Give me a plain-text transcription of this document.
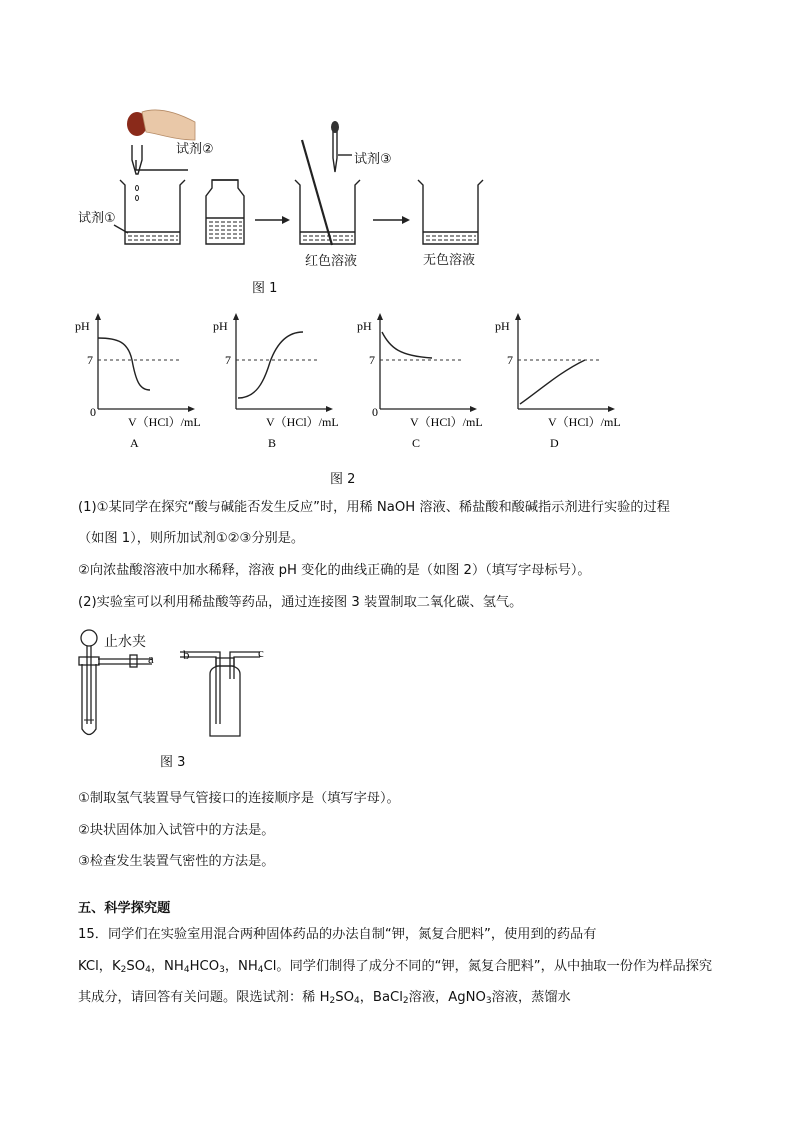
试剂②
试剂①
试剂③
红色溶液	无色溶液
图 1
pH
7
0
V（HCl）/mL
A
pH
7
V（HCl）/mL
B
pH
7
0
V（HCl）/mL
C
pH
7
V（HCl）/mL
D
图 2
(1)①某同学在探究“酸与碱能否发生反应”时，用稀 NaOH 溶液、稀盐酸和酸碱指示剂进行实验的过程
（如图 1），则所加试剂①②③分别是。
②向浓盐酸溶液中加水稀释，溶液 pH 变化的曲线正确的是（如图 2）（填写字母标号）。
(2)实验室可以利用稀盐酸等药品，通过连接图 3 装置制取二氧化碳、氢气。
止水夹
a b	c
图 3
①制取氢气装置导气管接口的连接顺序是（填写字母）。
②块状固体加入试管中的方法是。
③检查发生装置气密性的方法是。
五、科学探究题
15．同学们在实验室用混合两种固体药品的办法自制“钾，氮复合肥料”，使用到的药品有
KCl，$K_2SO_4$，$NH_4HCO_3$，$NH_4Cl$。同学们制得了成分不同的“钾，氮复合肥料”，从中抽取一份作为样品探究
其成分，请回答有关问题。限选试剂：稀 $H_2SO_4$，BaCl$_2$溶液，AgNO$_3$溶液，蒸馏水
